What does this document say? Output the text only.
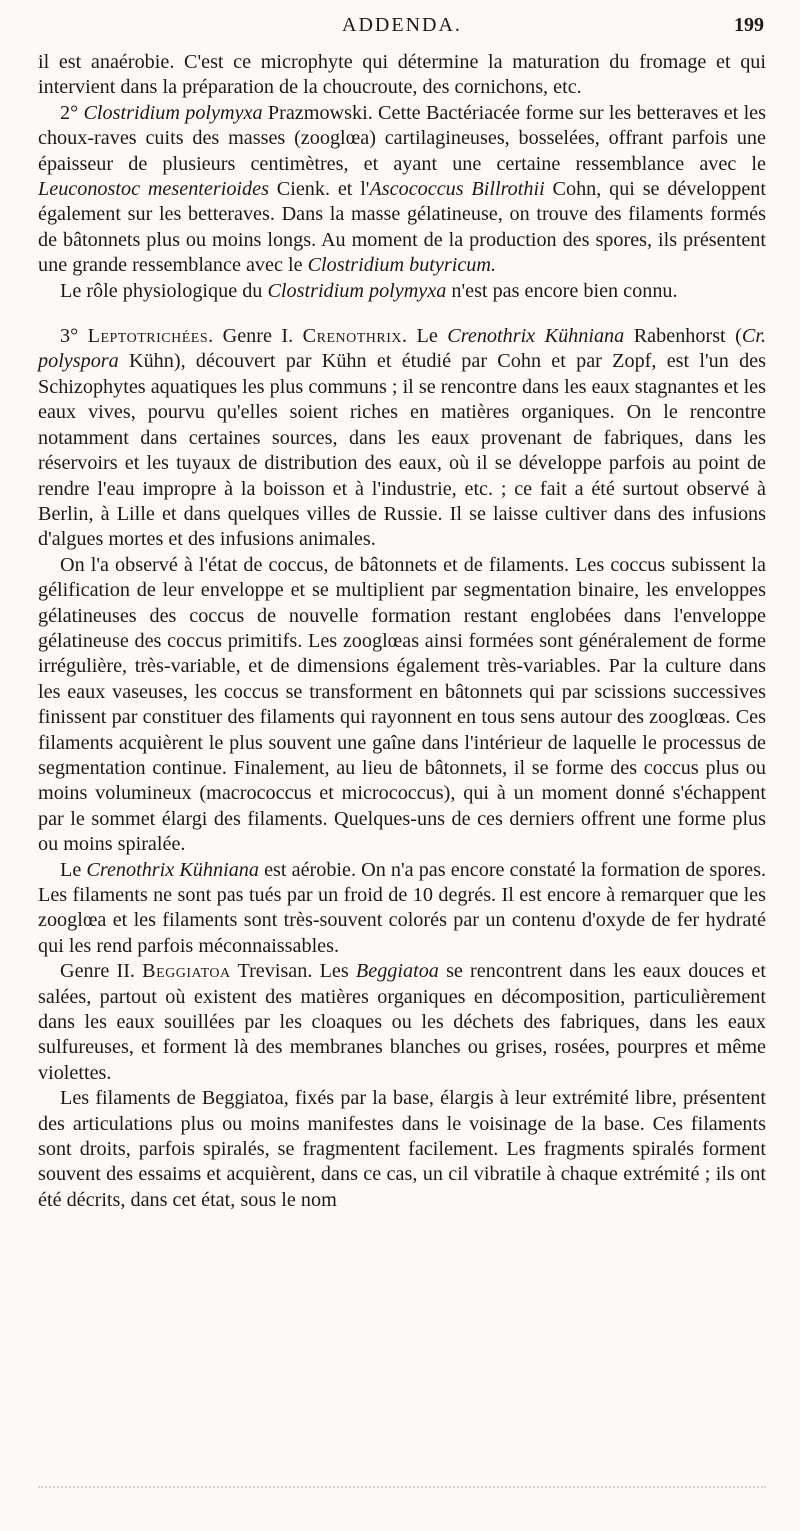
ADDENDA.	199

il est anaérobie. C'est ce microphyte qui détermine la maturation du fromage et qui intervient dans la préparation de la choucroute, des cornichons, etc.

2° Clostridium polymyxa Prazmowski. Cette Bactériacée forme sur les betteraves et les choux-raves cuits des masses (zooglœa) cartilagineuses, bosselées, offrant parfois une épaisseur de plusieurs centimètres, et ayant une certaine ressemblance avec le Leuconostoc mesenterioides Cienk. et l'Ascococcus Billrothii Cohn, qui se développent également sur les betteraves. Dans la masse gélatineuse, on trouve des filaments formés de bâtonnets plus ou moins longs. Au moment de la production des spores, ils présentent une grande ressemblance avec le Clostridium butyricum.

Le rôle physiologique du Clostridium polymyxa n'est pas encore bien connu.

3° Leptotrichées. Genre I. Crenothrix. Le Crenothrix Kühniana Rabenhorst (Cr. polyspora Kühn), découvert par Kühn et étudié par Cohn et par Zopf, est l'un des Schizophytes aquatiques les plus communs ; il se rencontre dans les eaux stagnantes et les eaux vives, pourvu qu'elles soient riches en matières organiques. On le rencontre notamment dans certaines sources, dans les eaux provenant de fabriques, dans les réservoirs et les tuyaux de distribution des eaux, où il se développe parfois au point de rendre l'eau impropre à la boisson et à l'industrie, etc. ; ce fait a été surtout observé à Berlin, à Lille et dans quelques villes de Russie. Il se laisse cultiver dans des infusions d'algues mortes et des infusions animales.

On l'a observé à l'état de coccus, de bâtonnets et de filaments. Les coccus subissent la gélification de leur enveloppe et se multiplient par segmentation binaire, les enveloppes gélatineuses des coccus de nouvelle formation restant englobées dans l'enveloppe gélatineuse des coccus primitifs. Les zooglœas ainsi formées sont généralement de forme irrégulière, très-variable, et de dimensions également très-variables. Par la culture dans les eaux vaseuses, les coccus se transforment en bâtonnets qui par scissions successives finissent par constituer des filaments qui rayonnent en tous sens autour des zooglœas. Ces filaments acquièrent le plus souvent une gaîne dans l'intérieur de laquelle le processus de segmentation continue. Finalement, au lieu de bâtonnets, il se forme des coccus plus ou moins volumineux (macrococcus et micrococcus), qui à un moment donné s'échappent par le sommet élargi des filaments. Quelques-uns de ces derniers offrent une forme plus ou moins spiralée.

Le Crenothrix Kühniana est aérobie. On n'a pas encore constaté la formation de spores. Les filaments ne sont pas tués par un froid de 10 degrés. Il est encore à remarquer que les zooglœa et les filaments sont très-souvent colorés par un contenu d'oxyde de fer hydraté qui les rend parfois méconnaissables.

Genre II. Beggiatoa Trevisan. Les Beggiatoa se rencontrent dans les eaux douces et salées, partout où existent des matières organiques en décomposition, particulièrement dans les eaux souillées par les cloaques ou les déchets des fabriques, dans les eaux sulfureuses, et forment là des membranes blanches ou grises, rosées, pourpres et même violettes.

Les filaments de Beggiatoa, fixés par la base, élargis à leur extrémité libre, présentent des articulations plus ou moins manifestes dans le voisinage de la base. Ces filaments sont droits, parfois spiralés, se fragmentent facilement. Les fragments spiralés forment souvent des essaims et acquièrent, dans ce cas, un cil vibratile à chaque extrémité ; ils ont été décrits, dans cet état, sous le nom
